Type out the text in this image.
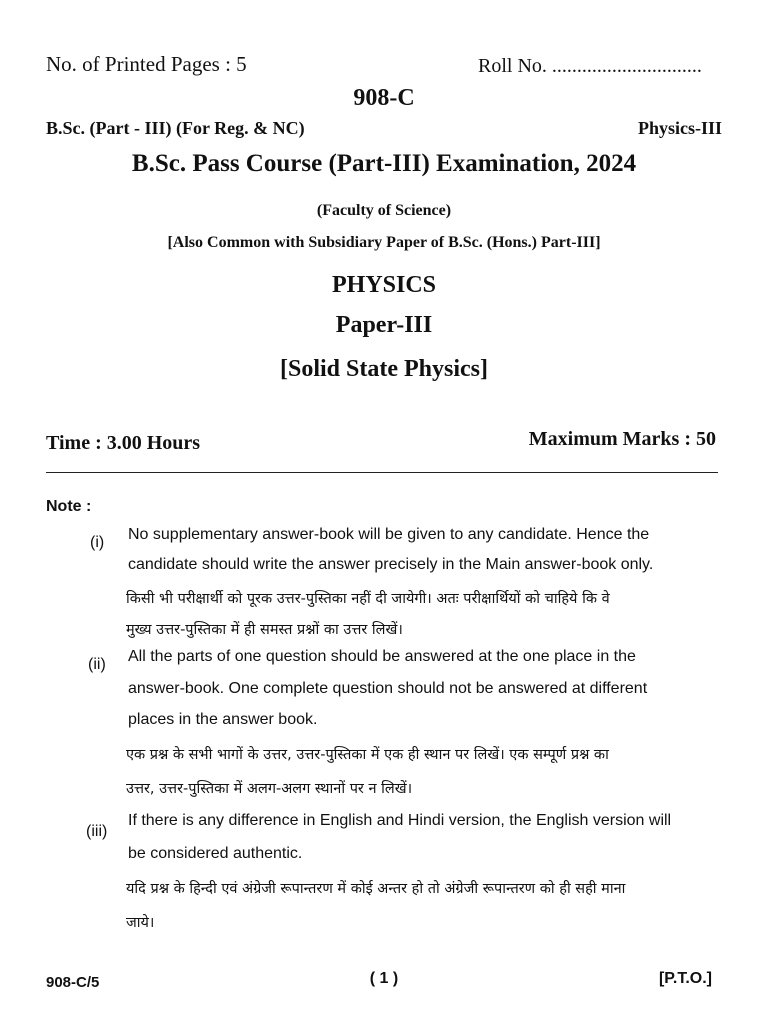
No. of Printed Pages : 5	Roll No. ..............................
908-C
B.Sc. (Part - III) (For Reg. & NC)	Physics-III
B.Sc. Pass Course (Part-III) Examination, 2024
(Faculty of Science)
[Also Common with Subsidiary Paper of B.Sc. (Hons.) Part-III]
PHYSICS
Paper-III
[Solid State Physics]
Time : 3.00 Hours	Maximum Marks : 50
Note :
(i) No supplementary answer-book will be given to any candidate. Hence the
candidate should write the answer precisely in the Main answer-book only.
किसी भी परीक्षार्थी को पूरक उत्तर-पुस्तिका नहीं दी जायेगी। अतः परीक्षार्थियों को चाहिये कि वे
मुख्य उत्तर-पुस्तिका में ही समस्त प्रश्नों का उत्तर लिखें।
(ii) All the parts of one question should be answered at the one place in the
answer-book. One complete question should not be answered at different
places in the answer book.
एक प्रश्न के सभी भागों के उत्तर, उत्तर-पुस्तिका में एक ही स्थान पर लिखें। एक सम्पूर्ण प्रश्न का
उत्तर, उत्तर-पुस्तिका में अलग-अलग स्थानों पर न लिखें।
(iii)
If there is any difference in English and Hindi version, the English version will
be considered authentic.
यदि प्रश्न के हिन्दी एवं अंग्रेजी रूपान्तरण में कोई अन्तर हो तो अंग्रेजी रूपान्तरण को ही सही माना
जाये।
908-C/5	( 1 )	[P.T.O.]
